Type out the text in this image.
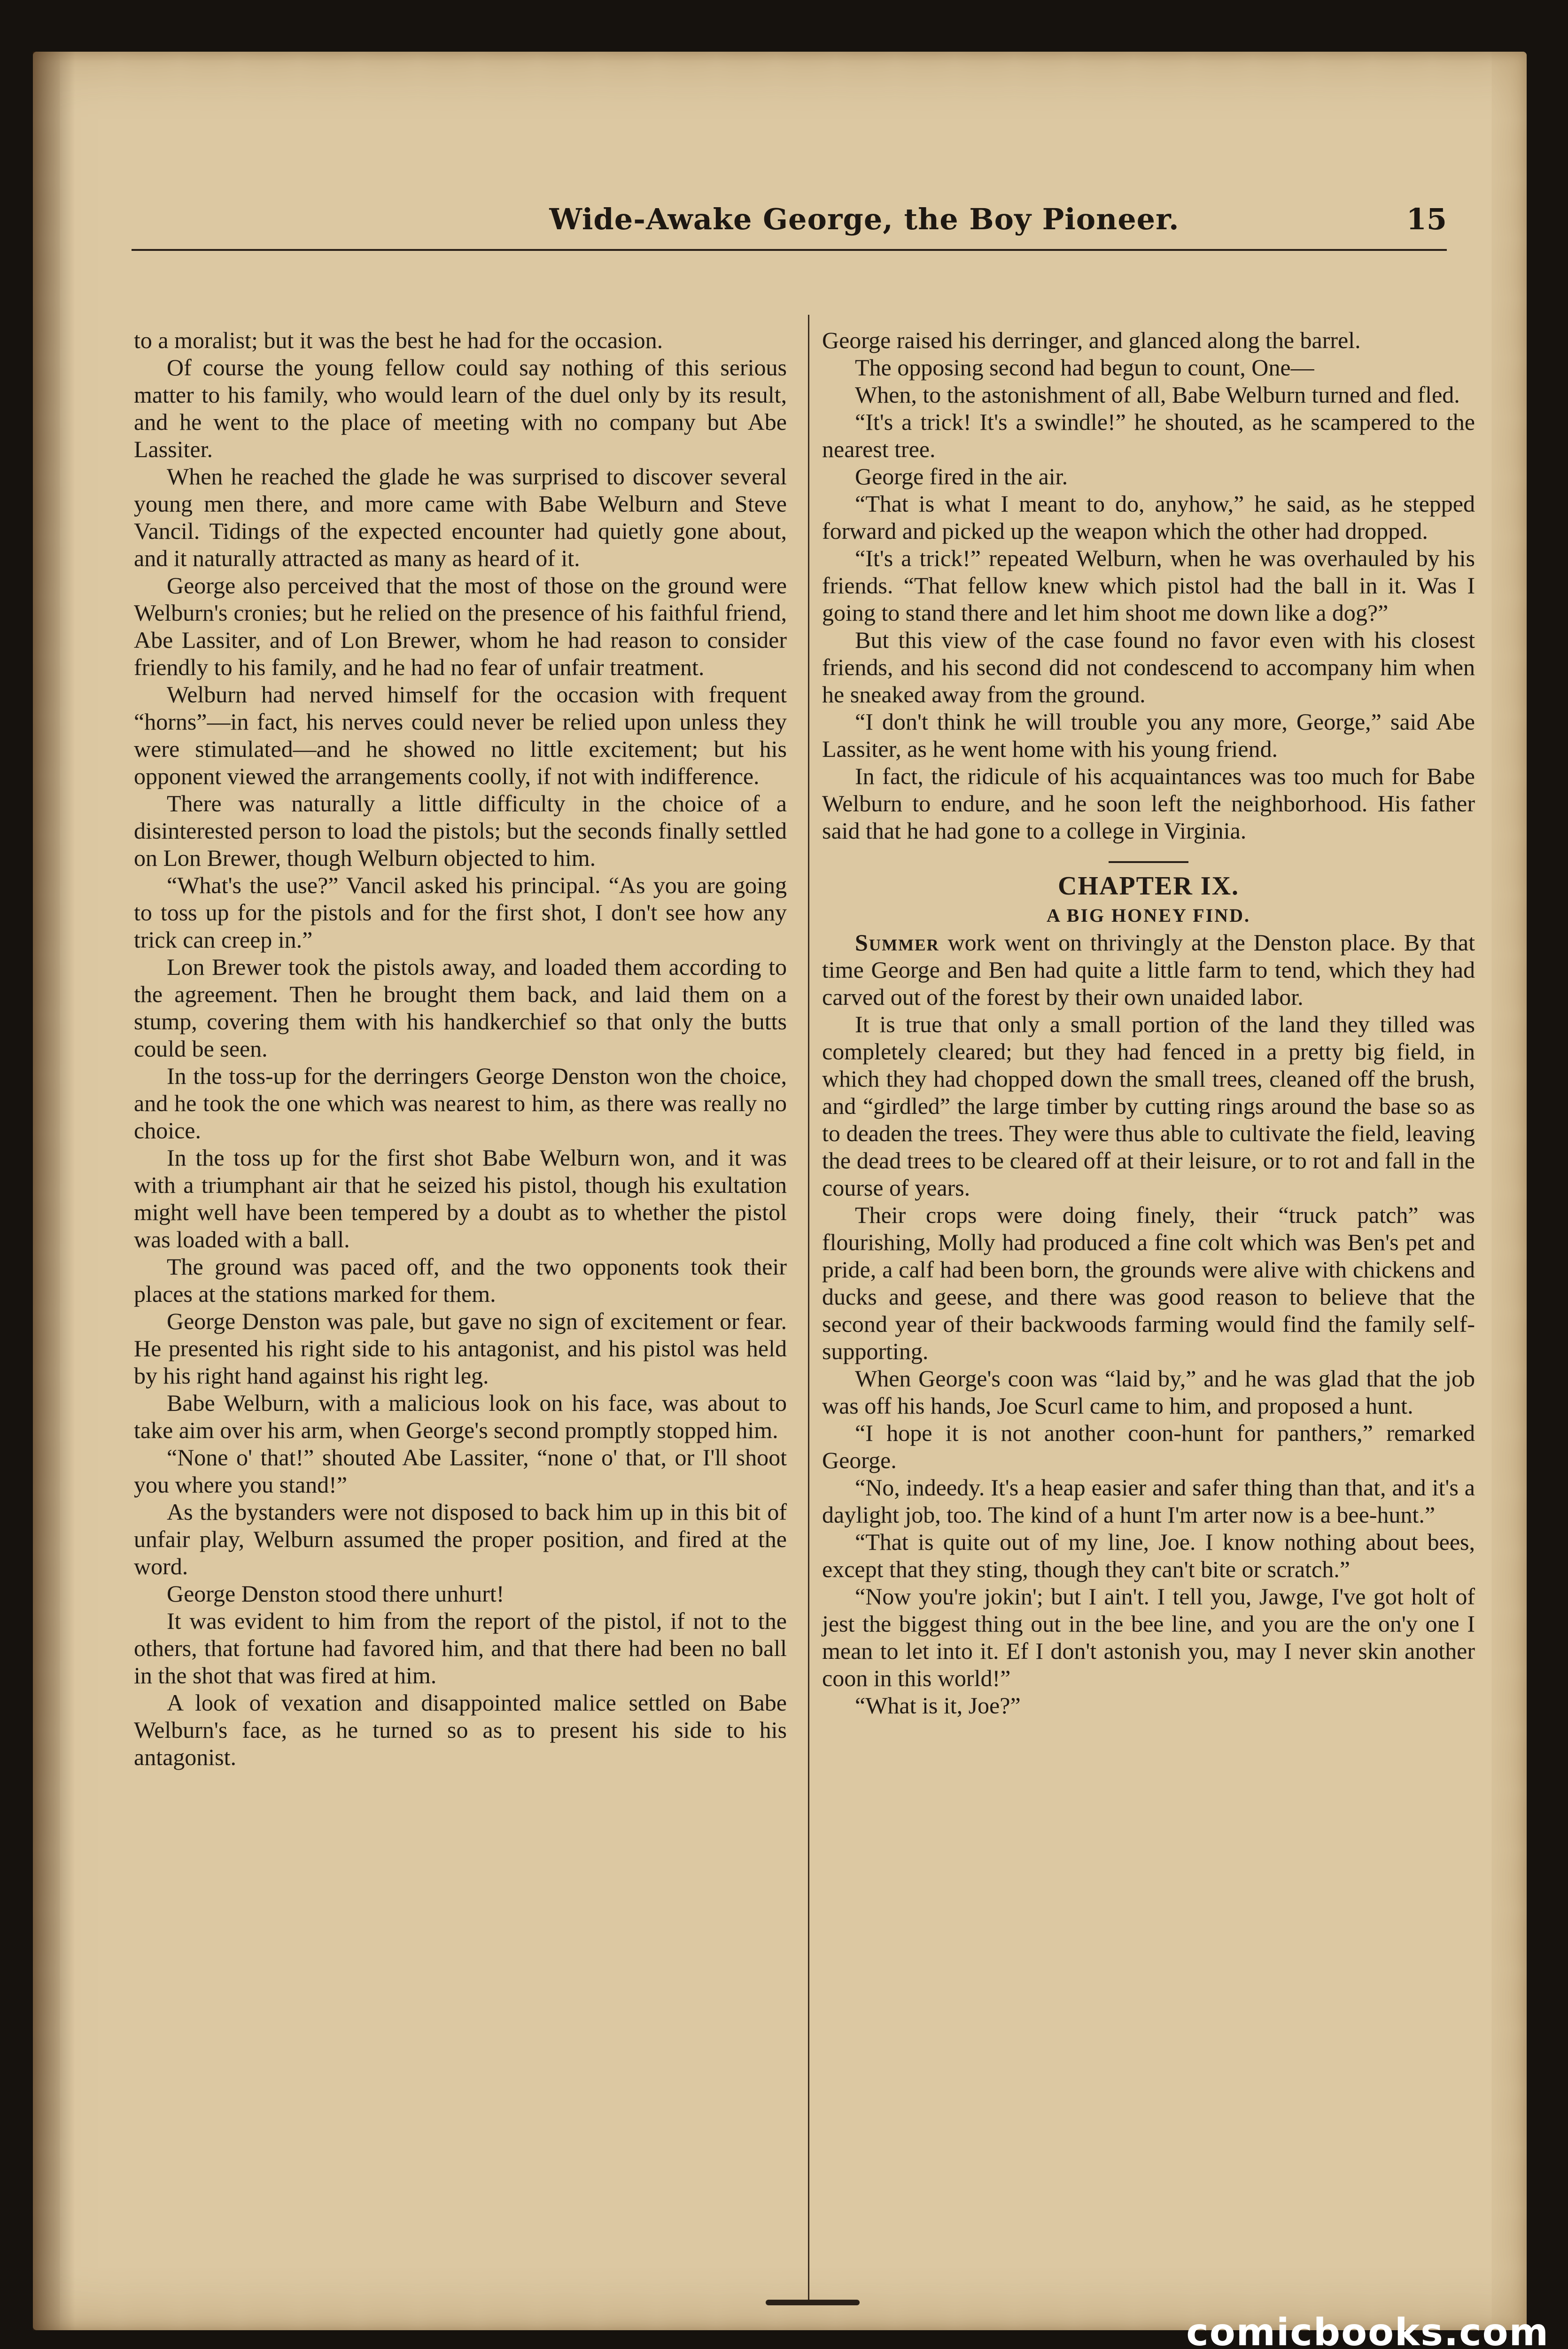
Wide-Awake George, the Boy Pioneer.	15

to a moralist; but it was the best he had for the occasion.

Of course the young fellow could say nothing of this serious matter to his family, who would learn of the duel only by its result, and he went to the place of meeting with no company but Abe Lassiter.

When he reached the glade he was surprised to discover several young men there, and more came with Babe Welburn and Steve Vancil. Tidings of the expected encounter had quietly gone about, and it naturally attracted as many as heard of it.

George also perceived that the most of those on the ground were Welburn's cronies; but he relied on the presence of his faithful friend, Abe Lassiter, and of Lon Brewer, whom he had reason to consider friendly to his family, and he had no fear of unfair treatment.

Welburn had nerved himself for the occasion with frequent “horns”—in fact, his nerves could never be relied upon unless they were stimulated—and he showed no little excitement; but his opponent viewed the arrangements coolly, if not with indifference.

There was naturally a little difficulty in the choice of a disinterested person to load the pistols; but the seconds finally settled on Lon Brewer, though Welburn objected to him.

“What's the use?” Vancil asked his principal. “As you are going to toss up for the pistols and for the first shot, I don't see how any trick can creep in.”

Lon Brewer took the pistols away, and loaded them according to the agreement. Then he brought them back, and laid them on a stump, covering them with his handkerchief so that only the butts could be seen.

In the toss-up for the derringers George Denston won the choice, and he took the one which was nearest to him, as there was really no choice.

In the toss up for the first shot Babe Welburn won, and it was with a triumphant air that he seized his pistol, though his exultation might well have been tempered by a doubt as to whether the pistol was loaded with a ball.

The ground was paced off, and the two opponents took their places at the stations marked for them.

George Denston was pale, but gave no sign of excitement or fear. He presented his right side to his antagonist, and his pistol was held by his right hand against his right leg.

Babe Welburn, with a malicious look on his face, was about to take aim over his arm, when George's second promptly stopped him.

“None o' that!” shouted Abe Lassiter, “none o' that, or I'll shoot you where you stand!”

As the bystanders were not disposed to back him up in this bit of unfair play, Welburn assumed the proper position, and fired at the word.

George Denston stood there unhurt!

It was evident to him from the report of the pistol, if not to the others, that fortune had favored him, and that there had been no ball in the shot that was fired at him.

A look of vexation and disappointed malice settled on Babe Welburn's face, as he turned so as to present his side to his antagonist.

George raised his derringer, and glanced along the barrel.

The opposing second had begun to count, One—

When, to the astonishment of all, Babe Welburn turned and fled.

“It's a trick! It's a swindle!” he shouted, as he scampered to the nearest tree.

George fired in the air.

“That is what I meant to do, anyhow,” he said, as he stepped forward and picked up the weapon which the other had dropped.

“It's a trick!” repeated Welburn, when he was overhauled by his friends. “That fellow knew which pistol had the ball in it. Was I going to stand there and let him shoot me down like a dog?”

But this view of the case found no favor even with his closest friends, and his second did not condescend to accompany him when he sneaked away from the ground.

“I don't think he will trouble you any more, George,” said Abe Lassiter, as he went home with his young friend.

In fact, the ridicule of his acquaintances was too much for Babe Welburn to endure, and he soon left the neighborhood. His father said that he had gone to a college in Virginia.

CHAPTER IX.

A BIG HONEY FIND.

Summer work went on thrivingly at the Denston place. By that time George and Ben had quite a little farm to tend, which they had carved out of the forest by their own unaided labor.

It is true that only a small portion of the land they tilled was completely cleared; but they had fenced in a pretty big field, in which they had chopped down the small trees, cleaned off the brush, and “girdled” the large timber by cutting rings around the base so as to deaden the trees. They were thus able to cultivate the field, leaving the dead trees to be cleared off at their leisure, or to rot and fall in the course of years.

Their crops were doing finely, their “truck patch” was flourishing, Molly had produced a fine colt which was Ben's pet and pride, a calf had been born, the grounds were alive with chickens and ducks and geese, and there was good reason to believe that the second year of their backwoods farming would find the family self-supporting.

When George's coon was “laid by,” and he was glad that the job was off his hands, Joe Scurl came to him, and proposed a hunt.

“I hope it is not another coon-hunt for panthers,” remarked George.

“No, indeedy. It's a heap easier and safer thing than that, and it's a daylight job, too. The kind of a hunt I'm arter now is a bee-hunt.”

“That is quite out of my line, Joe. I know nothing about bees, except that they sting, though they can't bite or scratch.”

“Now you're jokin'; but I ain't. I tell you, Jawge, I've got holt of jest the biggest thing out in the bee line, and you are the on'y one I mean to let into it. Ef I don't astonish you, may I never skin another coon in this world!”

“What is it, Joe?”

comicbooks.com
